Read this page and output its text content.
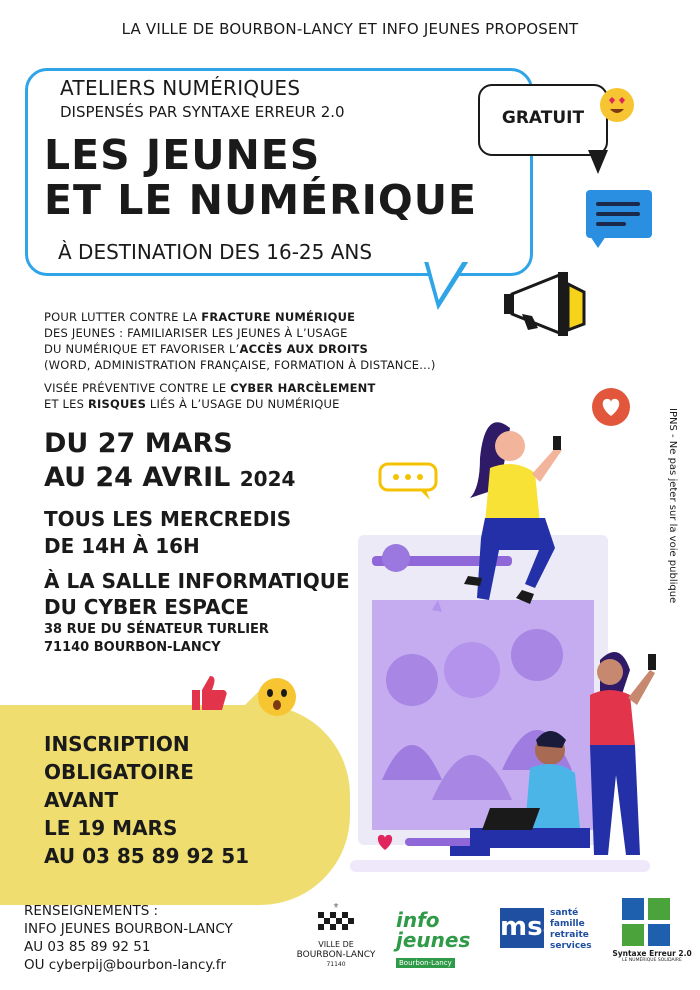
LA VILLE DE BOURBON-LANCY ET INFO JEUNES PROPOSENT
ATELIERS NUMÉRIQUES
DISPENSÉS PAR SYNTAXE ERREUR 2.0
LES JEUNES
ET LE NUMÉRIQUE
À DESTINATION DES 16-25 ANS
GRATUIT
POUR LUTTER CONTRE LA FRACTURE NUMÉRIQUE
DES JEUNES : FAMILIARISER LES JEUNES À L’USAGE
DU NUMÉRIQUE ET FAVORISER L’ACCÈS AUX DROITS
(WORD, ADMINISTRATION FRANÇAISE, FORMATION À DISTANCE...)
VISÉE PRÉVENTIVE CONTRE LE CYBER HARCÈLEMENT
ET LES RISQUES LIÉS À L’USAGE DU NUMÉRIQUE
DU 27 MARS
AU 24 AVRIL 2024
TOUS LES MERCREDIS
DE 14H À 16H
À LA SALLE INFORMATIQUE
DU CYBER ESPACE
38 RUE DU SÉNATEUR TURLIER
71140 BOURBON-LANCY
IPNS - Ne pas jeter sur la voie publique
INSCRIPTION
OBLIGATOIRE
AVANT
LE 19 MARS
AU 03 85 89 92 51
RENSEIGNEMENTS :
INFO JEUNES BOURBON-LANCY
AU 03 85 89 92 51
OU cyberpij@bourbon-lancy.fr
⚜
VILLE DE
BOURBON-LANCY
71140
info jeunes
Bourbon-Lancy
msa
santé
famille
retraite
services
Syntaxe Erreur 2.0
LE NUMÉRIQUE SOLIDAIRE
